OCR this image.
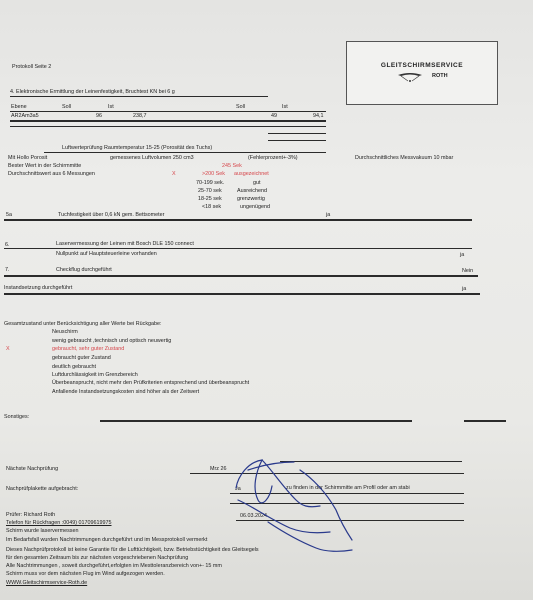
Protokoll Seite 2	GLEITSCHIRMSERVICE
ROTH
4. Elektronische Ermittlung der Leinenfestigkeit, Bruchtest KN bei 6 g
Ebene	Soll	Ist	Soll	Ist
AR2Am3a5	96	238,7	49	94,1
Luftwerteprüfung Raumtemperatur 15-25 (Porosität des Tuchs)
Mit Hollo Porosit	gemessenes Luftvolumen 250 cm3	(Fehlerprozent+-3%)	Durchschnittliches Messvakuum 10 mbar
Bester Wert in der Schirmmitte	245 Sek
Durchschnittswert aus 6 Messungen	X	>200 Sek ausgezeichnet
70-199 sek.	gut
25-70 sek	Ausreichend
18-25 sek	grenzwertig
<18 sek	ungenügend
5a	Tuchfestigkeit über 0,6 kN gem. Bettsometer	ja
6.	Laservermessung der Leinen mit Bosch DLE 150 connect
Nullpunkt auf Hauptsteuerleine vorhanden	ja
7.	Checkflug durchgeführt	Nein
Instandsetzung durchgeführt	ja
Gesamtzustand unter Berücksichtigung aller Werte bei Rückgabe:
Neuschirm
wenig gebraucht ,technisch und optisch neuwertig
X	gebraucht, sehr guter Zustand
gebraucht guter Zustand
deutlich gebraucht
Luftdurchlässigkeit im Grenzbereich
Überbeansprucht, nicht mehr den Prüfkriterien entsprechend und überbeansprucht
Anfallende Instandsetzungskosten sind höher als der Zeitwert
Sonstiges:
Nächste Nachprüfung	Mrz 26
Nachprüfplakette aufgebracht:	Ja	zu finden in der Schirmmitte am Profil oder am stabi
Prüfer: Richard Roth	06.03.2024
Telefon für Rückfragen :0049) 01709619975
Schirm wurde laservermessen
Im Bedarfsfall wurden Nachtrimmungen durchgeführt und im Messprotokoll vermerkt
Dieses Nachprüfprotokoll ist keine Garantie für die Lufttüchtigkeit, bzw. Betriebstüchtigkeit des Gleitsegels
für den gesamten Zeitraum bis zur nächsten vorgeschriebenen Nachprüfung
Alle Nachtrimmungen , soweit durchgeführt,erfolgten im Mesttoleranzbereich von+- 15 mm
Schirm muss vor dem nächsten Flug im Wind aufgezogen werden.
WWW.Gleitschirmservice-Roth.de
